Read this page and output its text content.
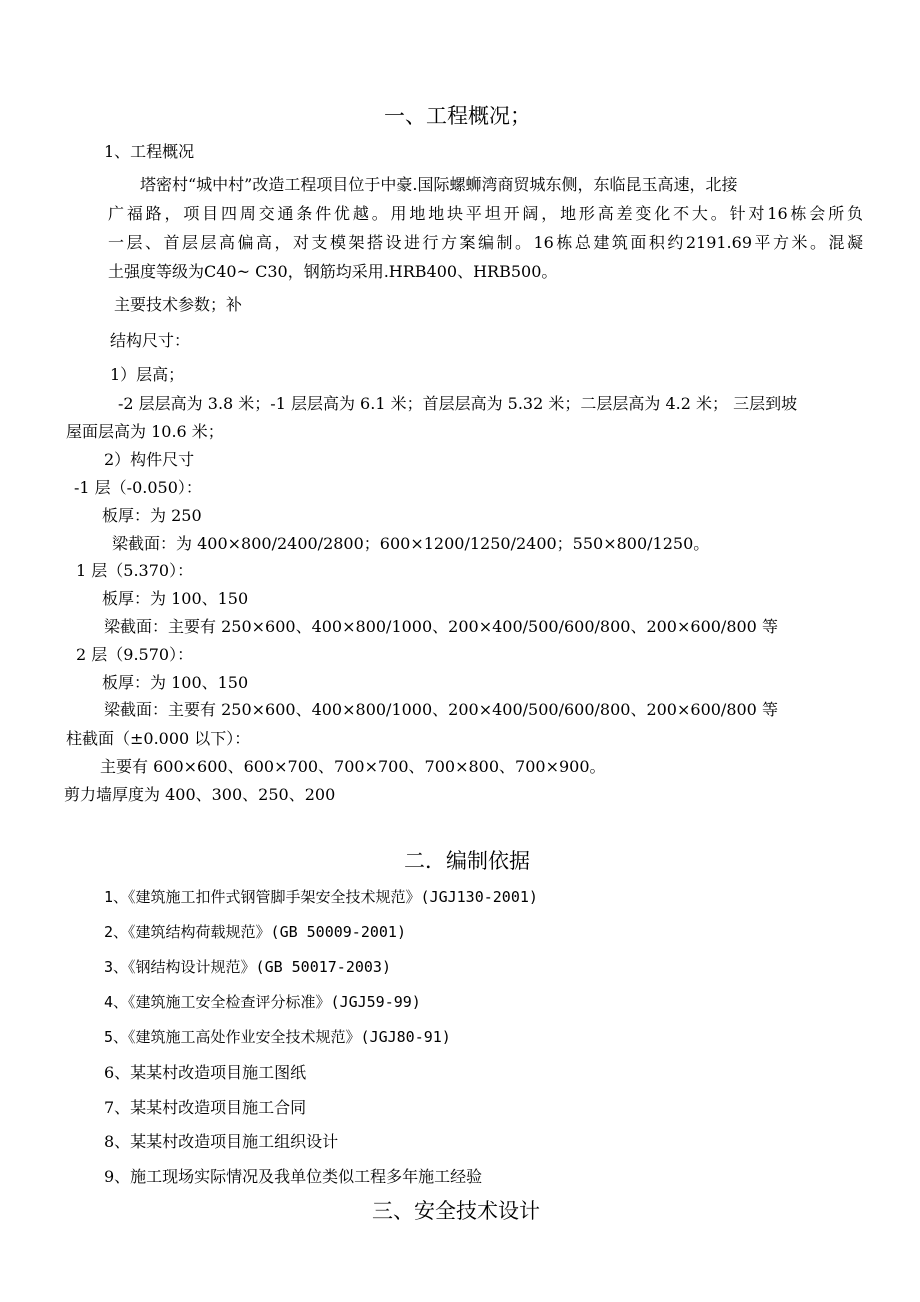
一、工程概况；
1、工程概况
塔密村“城中村”改造工程项目位于中豪.国际螺蛳湾商贸城东侧，东临昆玉高速，北接
广福路，项目四周交通条件优越。用地地块平坦开阔，地形高差变化不大。针对16栋会所负
一层、首层层高偏高，对支模架搭设进行方案编制。16栋总建筑面积约2191.69平方米。混凝
土强度等级为C40~ C30，钢筋均采用.HRB400、HRB500。
主要技术参数；补
结构尺寸：
1）层高；
-2 层层高为 3.8 米；-1 层层高为 6.1 米；首层层高为 5.32 米；二层层高为 4.2 米； 三层到坡
屋面层高为 10.6 米；
2）构件尺寸
-1 层（-0.050）：
板厚：为 250
梁截面：为 400×800/2400/2800；600×1200/1250/2400；550×800/1250。
1 层（5.370）：
板厚：为 100、150
梁截面：主要有 250×600、400×800/1000、200×400/500/600/800、200×600/800 等
2 层（9.570）：
板厚：为 100、150
梁截面：主要有 250×600、400×800/1000、200×400/500/600/800、200×600/800 等
柱截面（±0.000 以下）：
主要有 600×600、600×700、700×700、700×800、700×900。
剪力墙厚度为 400、300、250、200
二．编制依据
1、《建筑施工扣件式钢管脚手架安全技术规范》(JGJ130-2001)
2、《建筑结构荷载规范》(GB 50009-2001)
3、《钢结构设计规范》(GB 50017-2003)
4、《建筑施工安全检查评分标准》(JGJ59-99)
5、《建筑施工高处作业安全技术规范》(JGJ80-91)
6、某某村改造项目施工图纸
7、某某村改造项目施工合同
8、某某村改造项目施工组织设计
9、施工现场实际情况及我单位类似工程多年施工经验
三、安全技术设计
